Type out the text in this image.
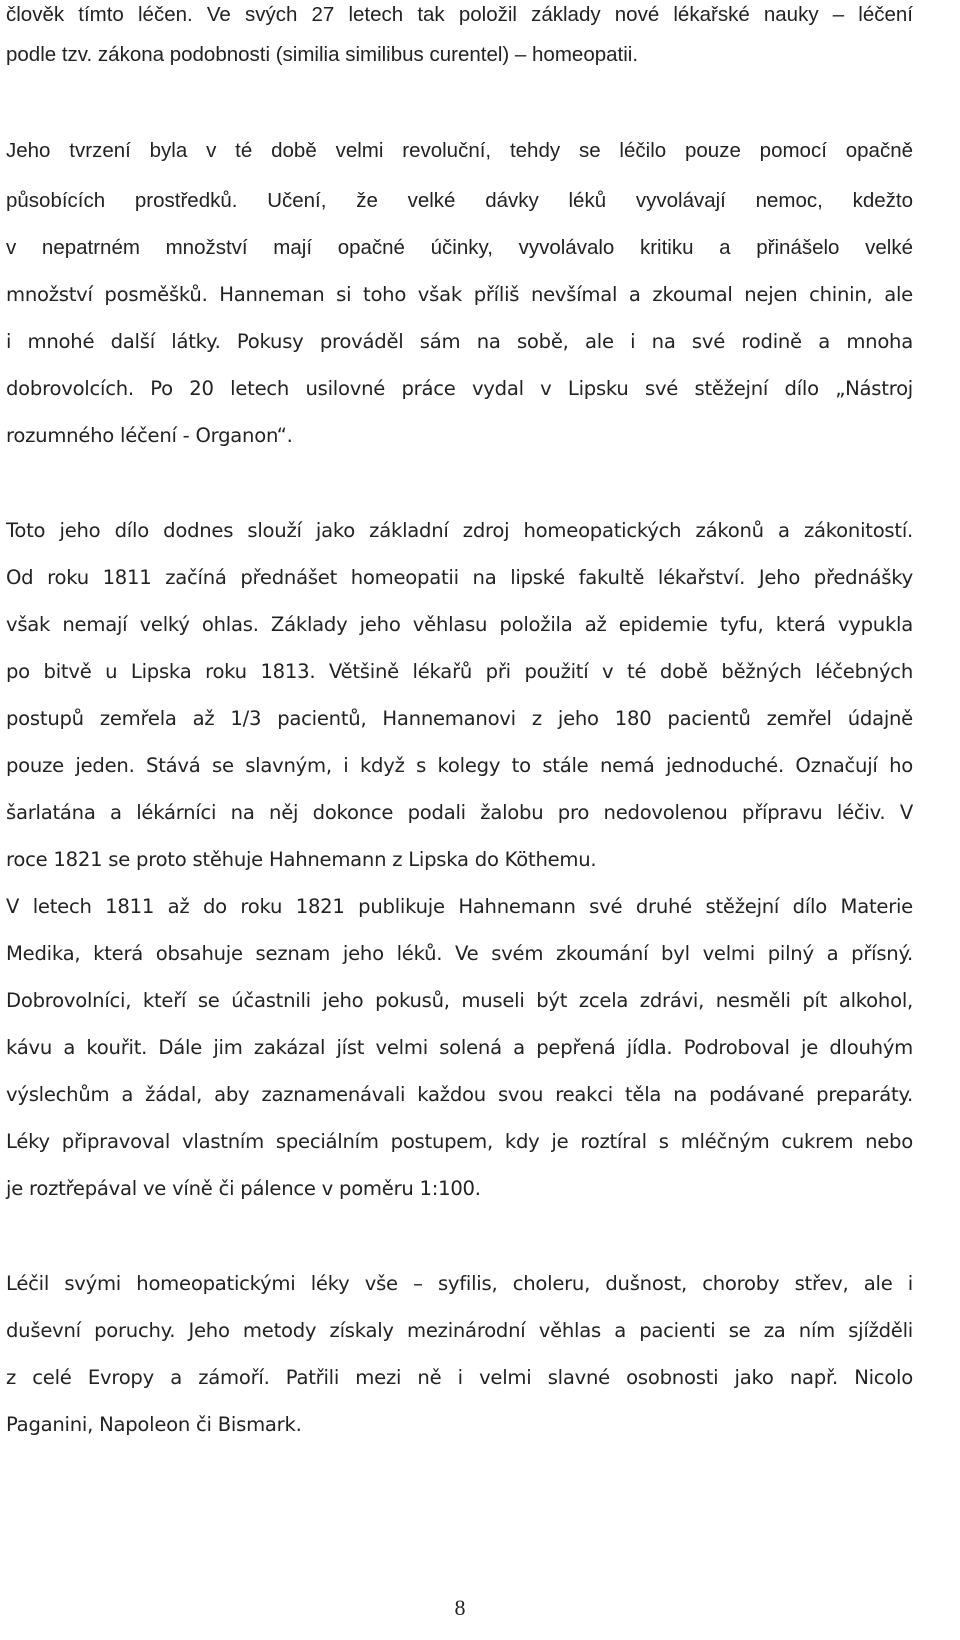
člověk tímto léčen. Ve svých 27 letech tak položil základy nové lékařské nauky – léčení
podle tzv. zákona podobnosti (similia similibus curentel) – homeopatii.
Jeho tvrzení byla v té době velmi revoluční, tehdy se léčilo pouze pomocí opačně
působících prostředků. Učení, že velké dávky léků vyvolávají nemoc, kdežto
v nepatrném množství mají opačné účinky, vyvolávalo kritiku a přinášelo velké
množství posměšků. Hanneman si toho však příliš nevšímal a zkoumal nejen chinin, ale
i mnohé další látky. Pokusy prováděl sám na sobě, ale i na své rodině a mnoha
dobrovolcích. Po 20 letech usilovné práce vydal v Lipsku své stěžejní dílo „Nástroj
rozumného léčení - Organon“.
Toto jeho dílo dodnes slouží jako základní zdroj homeopatických zákonů a zákonitostí.
Od roku 1811 začíná přednášet homeopatii na lipské fakultě lékařství. Jeho přednášky
však nemají velký ohlas. Základy jeho věhlasu položila až epidemie tyfu, která vypukla
po bitvě u Lipska roku 1813. Většině lékařů při použití v té době běžných léčebných
postupů zemřela až 1/3 pacientů, Hannemanovi z jeho 180 pacientů zemřel údajně
pouze jeden. Stává se slavným, i když s kolegy to stále nemá jednoduché. Označují ho
šarlatána a lékárníci na něj dokonce podali žalobu pro nedovolenou přípravu léčiv. V
roce 1821 se proto stěhuje Hahnemann z Lipska do Köthemu.
V letech 1811 až do roku 1821 publikuje Hahnemann své druhé stěžejní dílo Materie
Medika, která obsahuje seznam jeho léků. Ve svém zkoumání byl velmi pilný a přísný.
Dobrovolníci, kteří se účastnili jeho pokusů, museli být zcela zdrávi, nesměli pít alkohol,
kávu a kouřit. Dále jim zakázal jíst velmi solená a pepřená jídla. Podroboval je dlouhým
výslechům a žádal, aby zaznamenávali každou svou reakci těla na podávané preparáty.
Léky připravoval vlastním speciálním postupem, kdy je roztíral s mléčným cukrem nebo
je roztřepával ve víně či pálence v poměru 1:100.
Léčil svými homeopatickými léky vše – syfilis, choleru, dušnost, choroby střev, ale i
duševní poruchy. Jeho metody získaly mezinárodní věhlas a pacienti se za ním sjížděli
z celé Evropy a zámoří. Patřili mezi ně i velmi slavné osobnosti jako např. Nicolo
Paganini, Napoleon či Bismark.
8
